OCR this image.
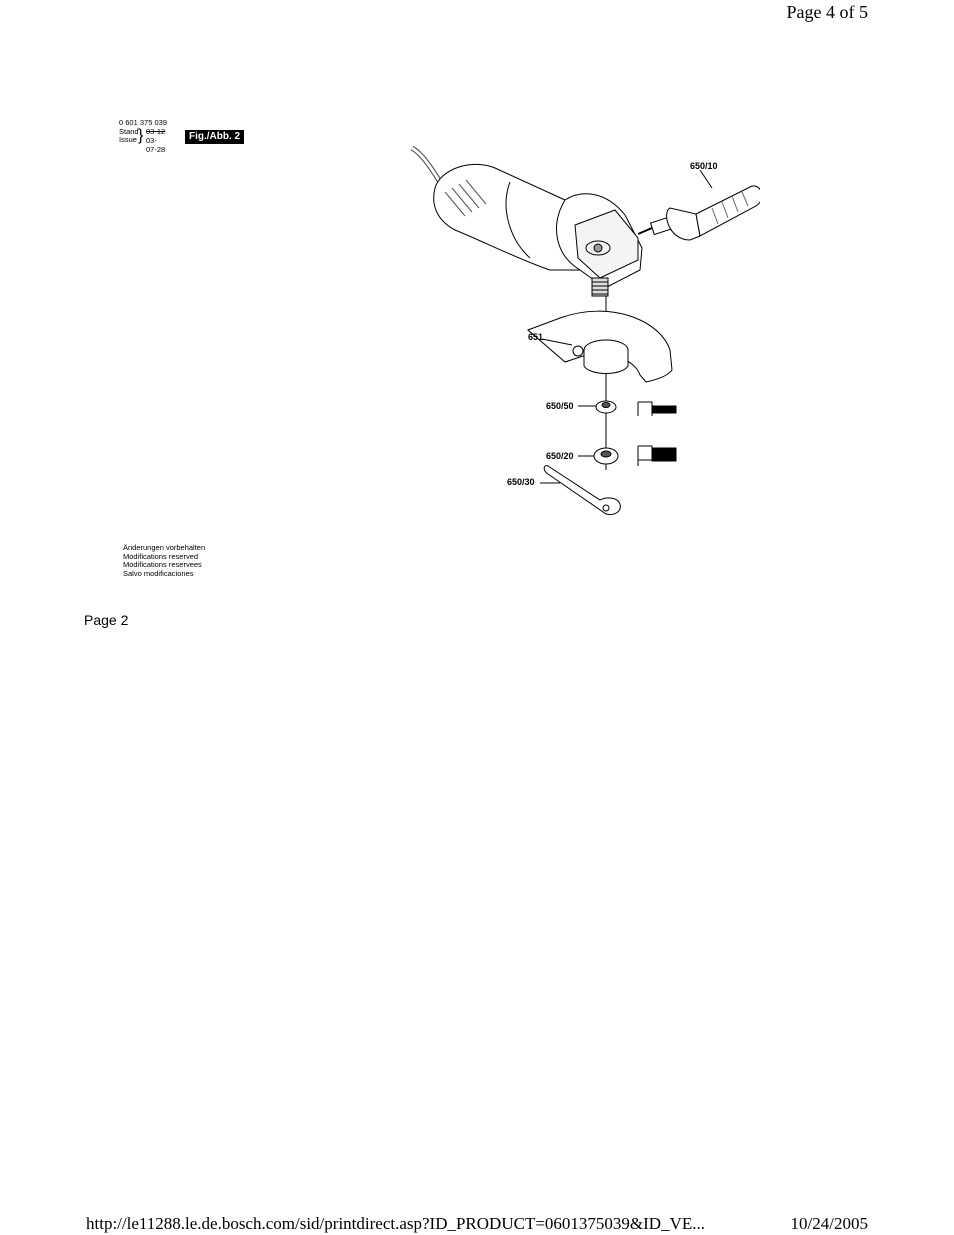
Page 4 of 5
0 601 375 039
Stand
Issue } 03-12
03-07-28
Fig./Abb. 2
650/10
651
650/50
650/20
650/30
Änderungen vorbehalten
Modifications reserved
Modifications reservees
Salvo modificaciones
Page 2
http://le11288.le.de.bosch.com/sid/printdirect.asp?ID_PRODUCT=0601375039&ID_VE...	10/24/2005
